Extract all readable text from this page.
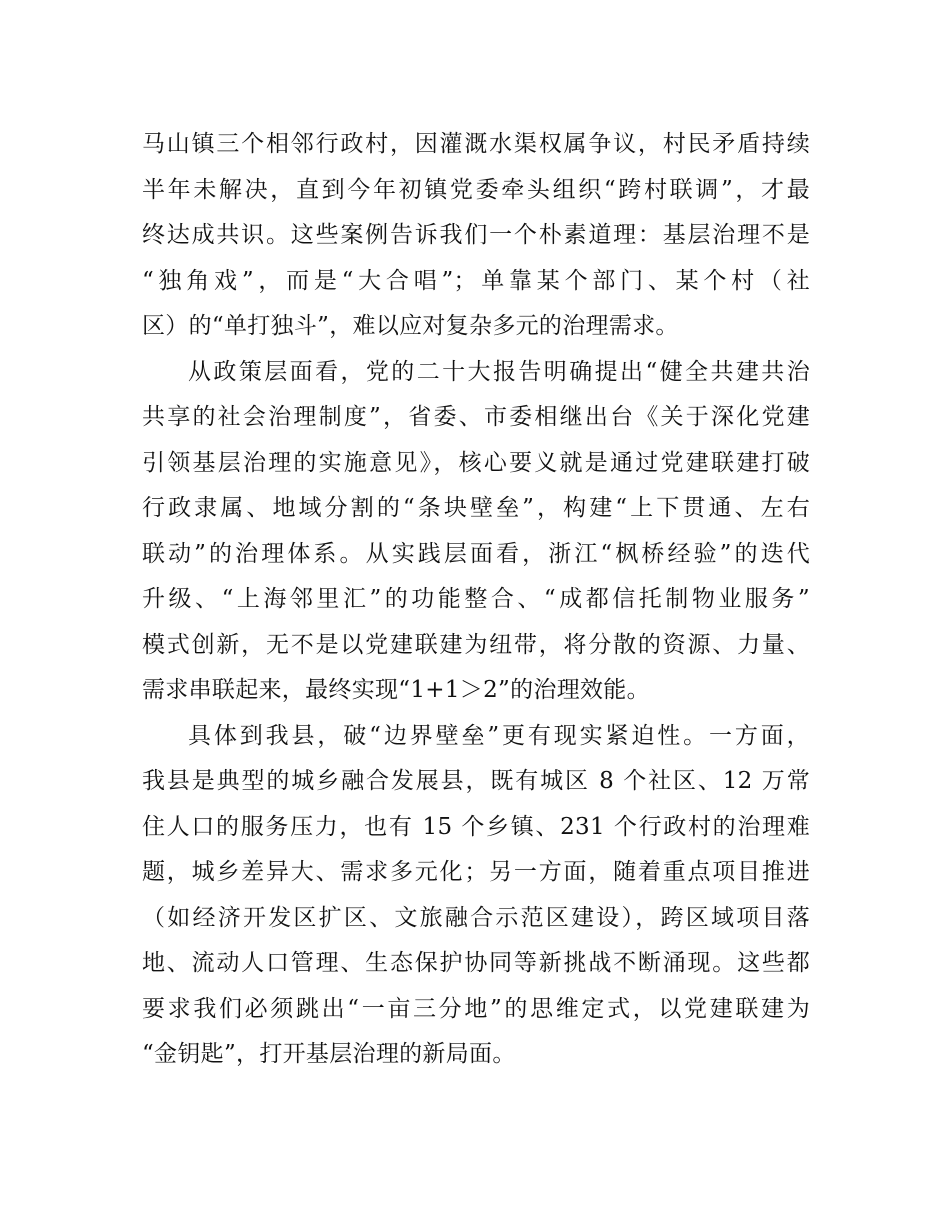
马山镇三个相邻行政村，因灌溉水渠权属争议，村民矛盾持续
半年未解决，直到今年初镇党委牵头组织“跨村联调”，才最
终达成共识。这些案例告诉我们一个朴素道理：基层治理不是
“独角戏”，而是“大合唱”；单靠某个部门、某个村（社
区）的“单打独斗”，难以应对复杂多元的治理需求。
从政策层面看，党的二十大报告明确提出“健全共建共治
共享的社会治理制度”，省委、市委相继出台《关于深化党建
引领基层治理的实施意见》，核心要义就是通过党建联建打破
行政隶属、地域分割的“条块壁垒”，构建“上下贯通、左右
联动”的治理体系。从实践层面看，浙江“枫桥经验”的迭代
升级、“上海邻里汇”的功能整合、“成都信托制物业服务”
模式创新，无不是以党建联建为纽带，将分散的资源、力量、
需求串联起来，最终实现“1+1＞2”的治理效能。
具体到我县，破“边界壁垒”更有现实紧迫性。一方面，
我县是典型的城乡融合发展县，既有城区 8 个社区、12 万常
住人口的服务压力，也有 15 个乡镇、231 个行政村的治理难
题，城乡差异大、需求多元化；另一方面，随着重点项目推进
（如经济开发区扩区、文旅融合示范区建设），跨区域项目落
地、流动人口管理、生态保护协同等新挑战不断涌现。这些都
要求我们必须跳出“一亩三分地”的思维定式，以党建联建为
“金钥匙”，打开基层治理的新局面。
